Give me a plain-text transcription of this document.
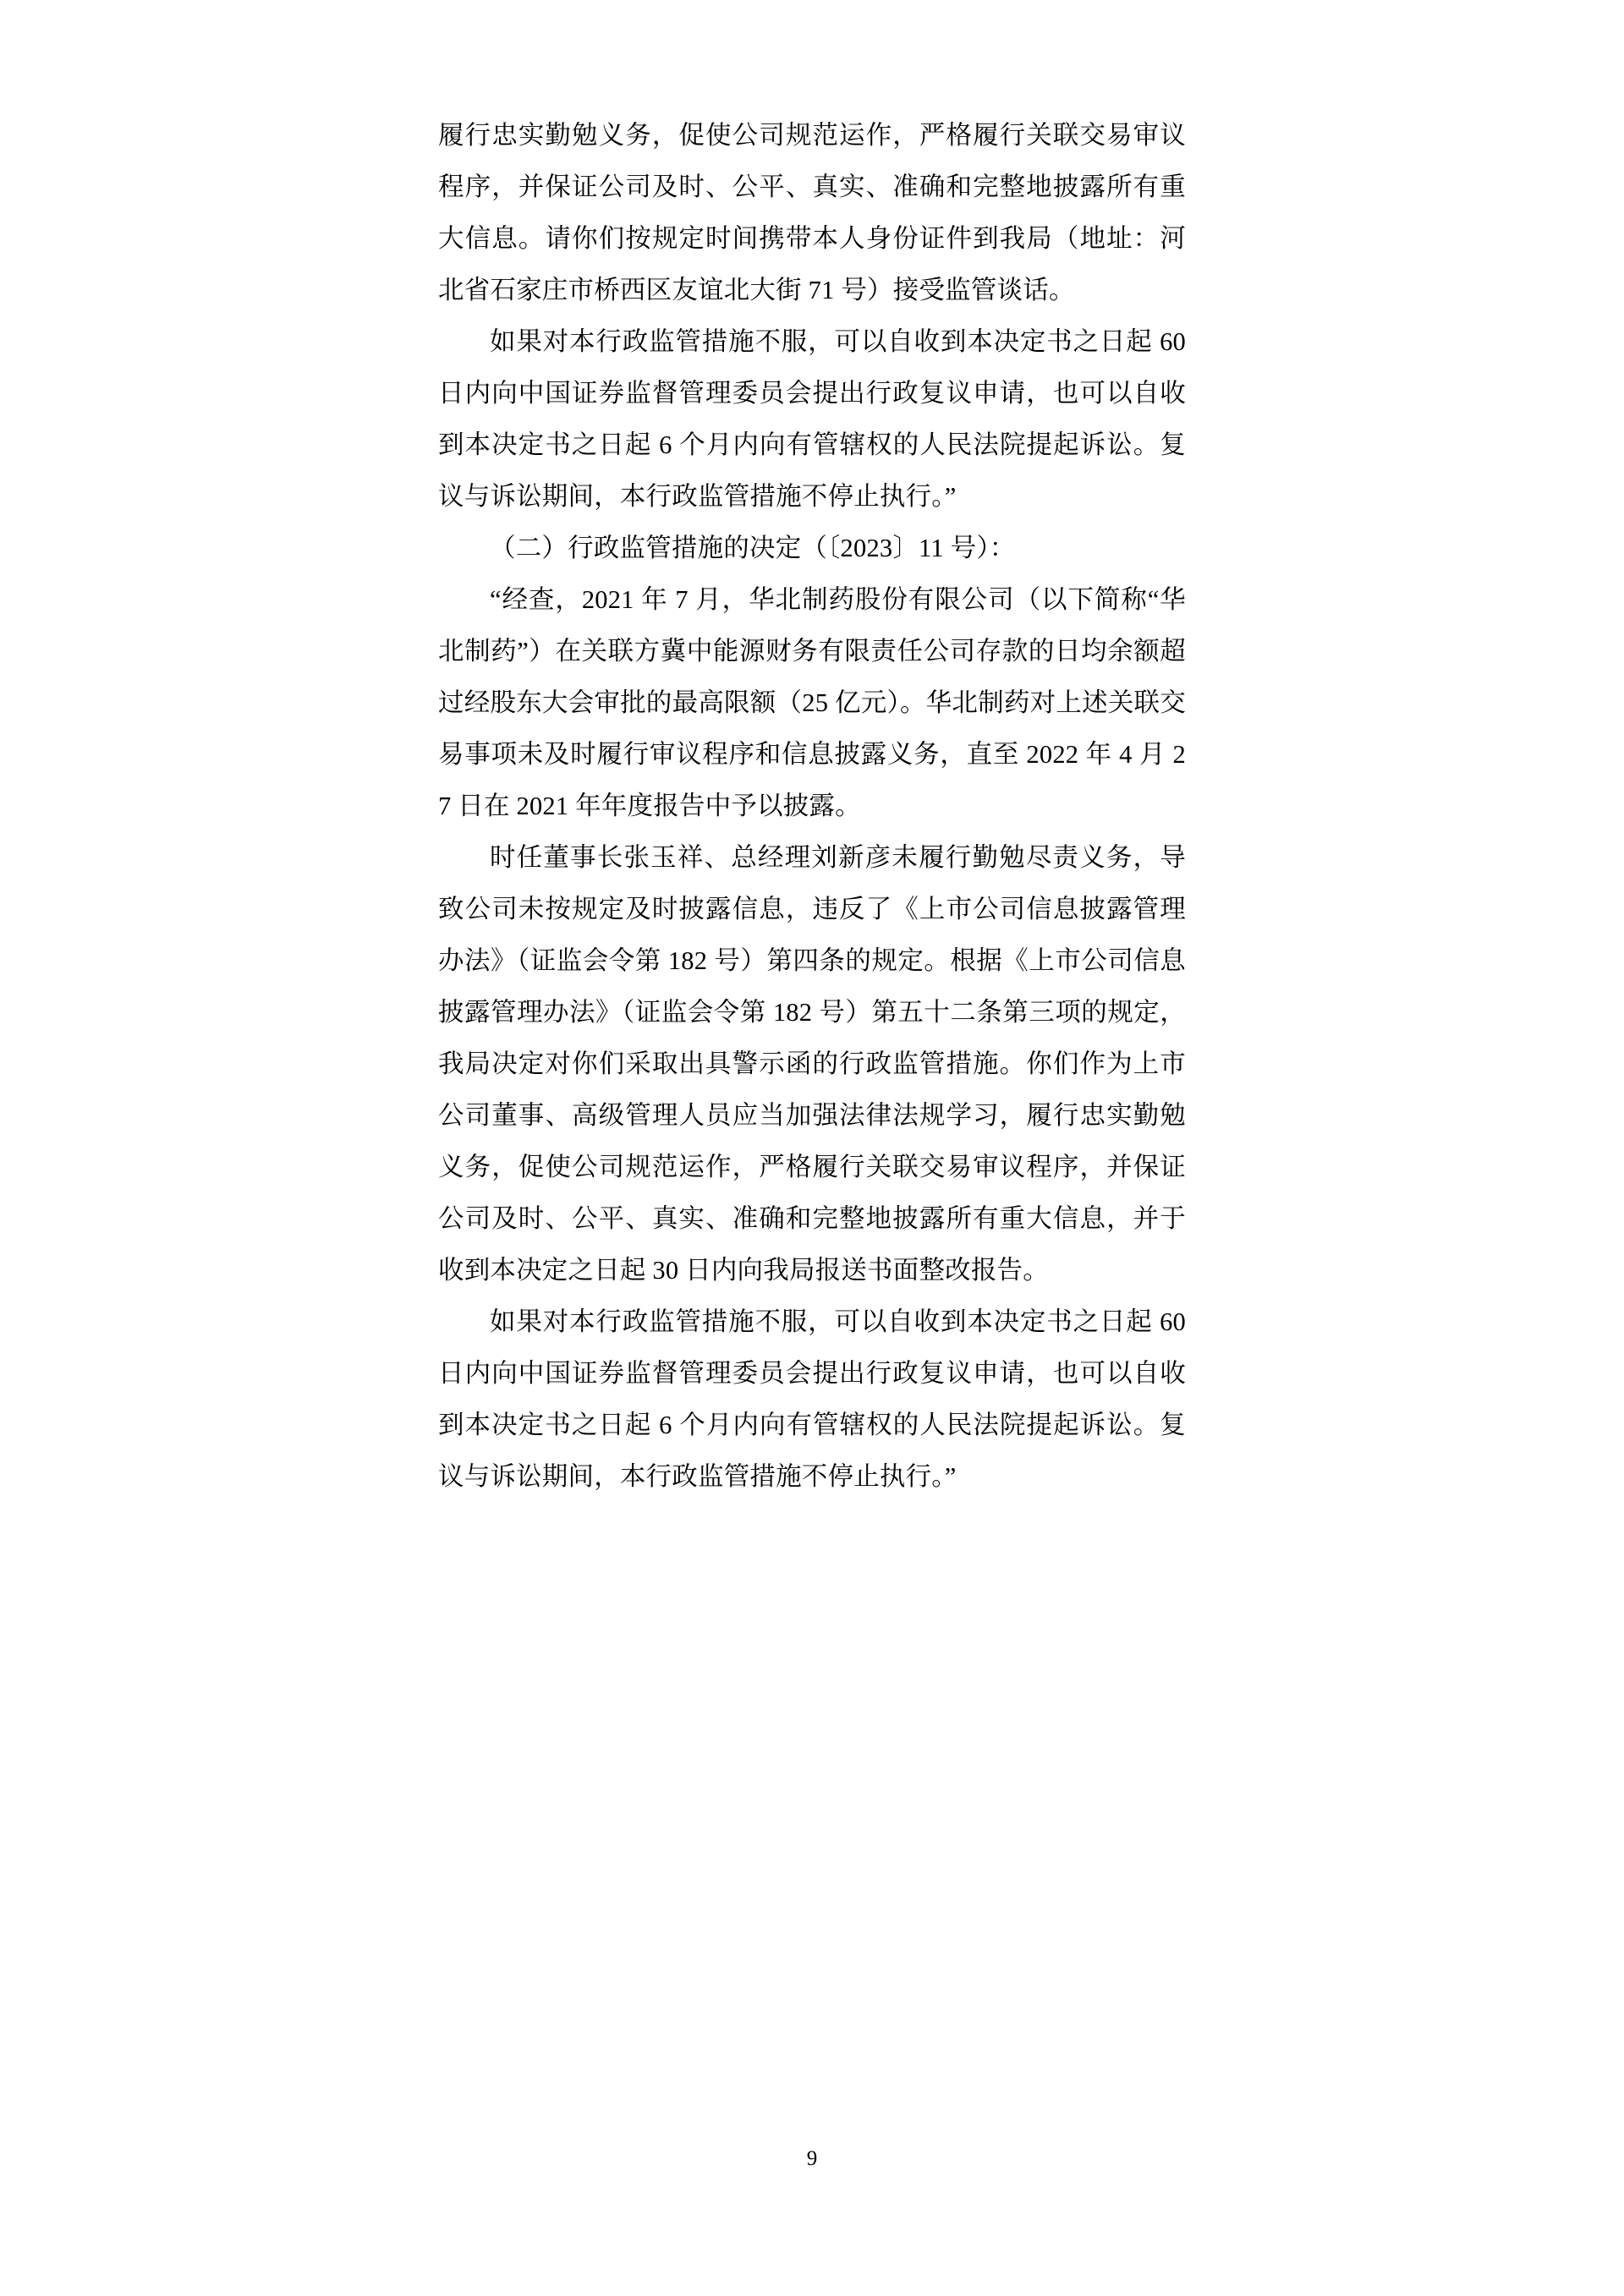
履行忠实勤勉义务，促使公司规范运作，严格履行关联交易审议程序，并保证公司及时、公平、真实、准确和完整地披露所有重大信息。请你们按规定时间携带本人身份证件到我局（地址：河北省石家庄市桥西区友谊北大街 71 号）接受监管谈话。

如果对本行政监管措施不服，可以自收到本决定书之日起 60 日内向中国证券监督管理委员会提出行政复议申请，也可以自收到本决定书之日起 6 个月内向有管辖权的人民法院提起诉讼。复议与诉讼期间，本行政监管措施不停止执行。”

（二）行政监管措施的决定（〔2023〕11 号）：

“经查，2021 年 7 月，华北制药股份有限公司（以下简称“华北制药”）在关联方冀中能源财务有限责任公司存款的日均余额超过经股东大会审批的最高限额（25 亿元）。华北制药对上述关联交易事项未及时履行审议程序和信息披露义务，直至 2022 年 4 月 27 日在 2021 年年度报告中予以披露。

时任董事长张玉祥、总经理刘新彦未履行勤勉尽责义务，导致公司未按规定及时披露信息，违反了《上市公司信息披露管理办法》（证监会令第 182 号）第四条的规定。根据《上市公司信息披露管理办法》（证监会令第 182 号）第五十二条第三项的规定，我局决定对你们采取出具警示函的行政监管措施。你们作为上市公司董事、高级管理人员应当加强法律法规学习，履行忠实勤勉义务，促使公司规范运作，严格履行关联交易审议程序，并保证公司及时、公平、真实、准确和完整地披露所有重大信息，并于收到本决定之日起 30 日内向我局报送书面整改报告。

如果对本行政监管措施不服，可以自收到本决定书之日起 60 日内向中国证券监督管理委员会提出行政复议申请，也可以自收到本决定书之日起 6 个月内向有管辖权的人民法院提起诉讼。复议与诉讼期间，本行政监管措施不停止执行。”

9
